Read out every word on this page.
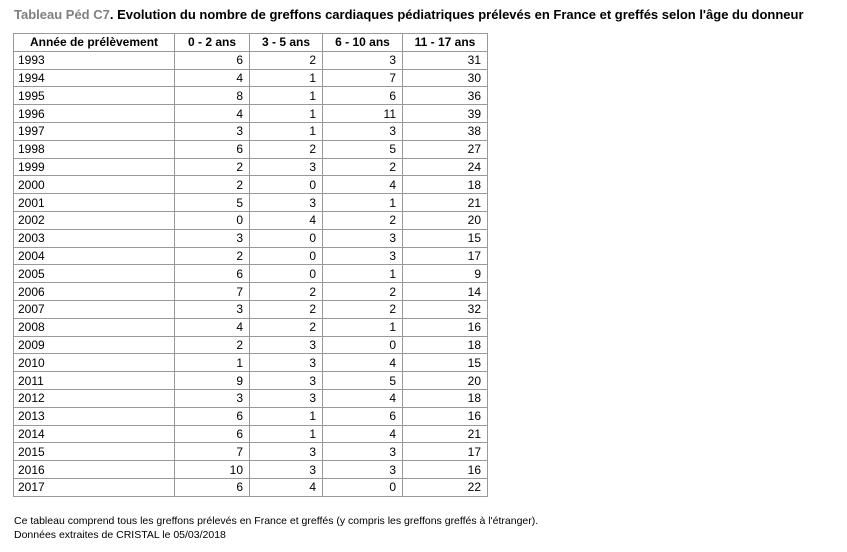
Tableau Péd C7. Evolution du nombre de greffons cardiaques pédiatriques prélevés en France et greffés selon l'âge du donneur
Année de prélèvement	0 - 2 ans	3 - 5 ans	6 - 10 ans	11 - 17 ans
1993	6	2	3	31
1994	4	1	7	30
1995	8	1	6	36
1996	4	1	11	39
1997	3	1	3	38
1998	6	2	5	27
1999	2	3	2	24
2000	2	0	4	18
2001	5	3	1	21
2002	0	4	2	20
2003	3	0	3	15
2004	2	0	3	17
2005	6	0	1	9
2006	7	2	2	14
2007	3	2	2	32
2008	4	2	1	16
2009	2	3	0	18
2010	1	3	4	15
2011	9	3	5	20
2012	3	3	4	18
2013	6	1	6	16
2014	6	1	4	21
2015	7	3	3	17
2016	10	3	3	16
2017	6	4	0	22
Ce tableau comprend tous les greffons prélevés en France et greffés (y compris les greffons greffés à l'étranger).
Données extraites de CRISTAL le 05/03/2018
